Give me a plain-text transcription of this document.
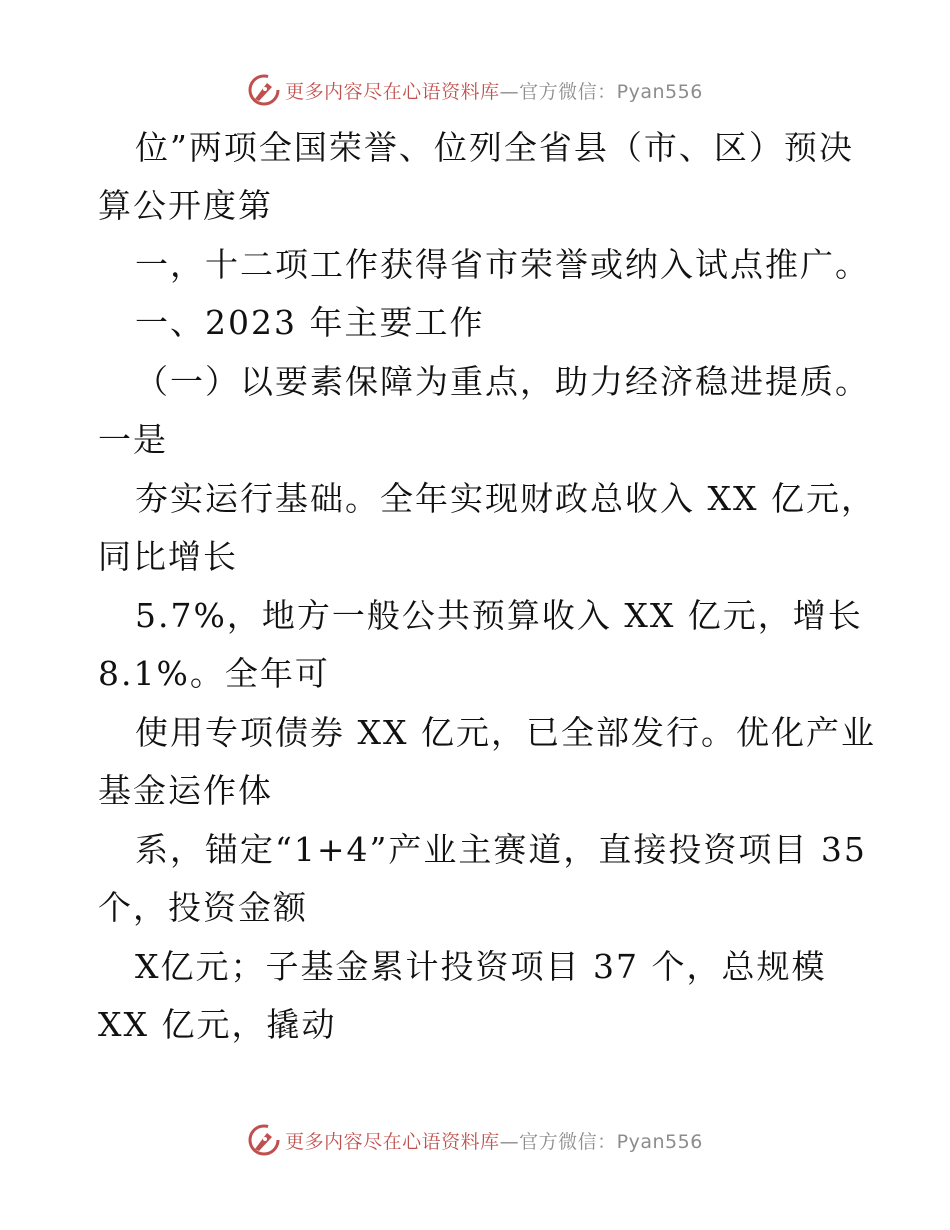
更多内容尽在心语资料库—官方微信：Pyan556
位”两项全国荣誉、位列全省县（市、区）预决
算公开度第
一，十二项工作获得省市荣誉或纳入试点推广。
一、2023 年主要工作
（一）以要素保障为重点，助力经济稳进提质。
一是
夯实运行基础。全年实现财政总收入 XX 亿元，
同比增长
5.7%，地方一般公共预算收入 XX 亿元，增长
8.1%。全年可
使用专项债券 XX 亿元，已全部发行。优化产业
基金运作体
系，锚定“1+4”产业主赛道，直接投资项目 35
个，投资金额
X亿元；子基金累计投资项目 37 个，总规模
XX 亿元，撬动
更多内容尽在心语资料库—官方微信：Pyan556
